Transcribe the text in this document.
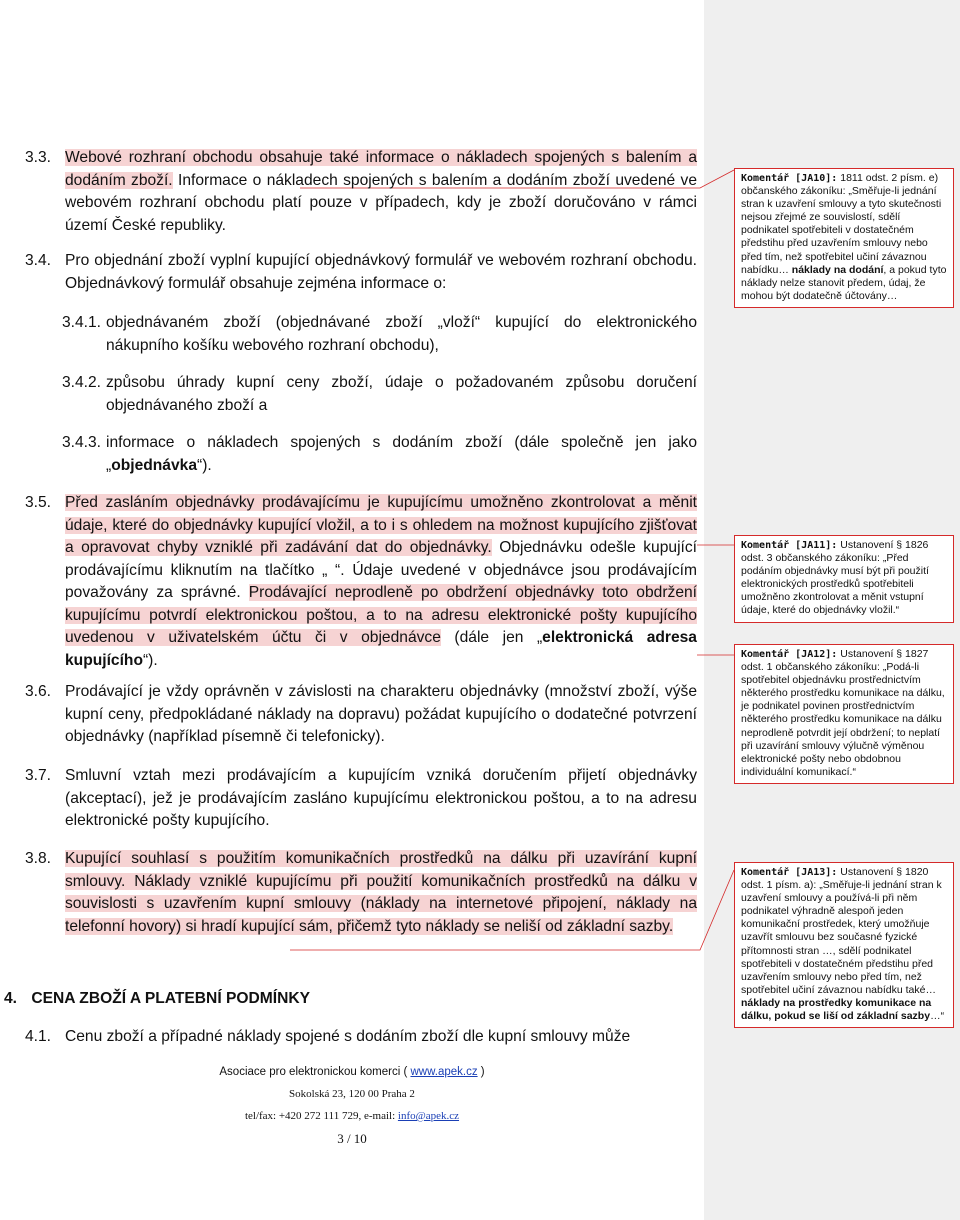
3.3. Webové rozhraní obchodu obsahuje také informace o nákladech spojených s balením a dodáním zboží. Informace o nákladech spojených s balením a dodáním zboží uvedené ve webovém rozhraní obchodu platí pouze v případech, kdy je zboží doručováno v rámci území České republiky.
3.4. Pro objednání zboží vyplní kupující objednávkový formulář ve webovém rozhraní obchodu. Objednávkový formulář obsahuje zejména informace o:
3.4.1. objednávaném zboží (objednávané zboží „vloží“ kupující do elektronického nákupního košíku webového rozhraní obchodu),
3.4.2. způsobu úhrady kupní ceny zboží, údaje o požadovaném způsobu doručení objednávaného zboží a
3.4.3. informace o nákladech spojených s dodáním zboží (dále společně jen jako „objednávka“).
3.5. Před zasláním objednávky prodávajícímu je kupujícímu umožněno zkontrolovat a měnit údaje, které do objednávky kupující vložil, a to i s ohledem na možnost kupujícího zjišťovat a opravovat chyby vzniklé při zadávání dat do objednávky. Objednávku odešle kupující prodávajícímu kliknutím na tlačítko „ “. Údaje uvedené v objednávce jsou prodávajícím považovány za správné. Prodávající neprodleně po obdržení objednávky toto obdržení kupujícímu potvrdí elektronickou poštou, a to na adresu elektronické pošty kupujícího uvedenou v uživatelském účtu či v objednávce (dále jen „elektronická adresa kupujícího“).
3.6. Prodávající je vždy oprávněn v závislosti na charakteru objednávky (množství zboží, výše kupní ceny, předpokládané náklady na dopravu) požádat kupujícího o dodatečné potvrzení objednávky (například písemně či telefonicky).
3.7. Smluvní vztah mezi prodávajícím a kupujícím vzniká doručením přijetí objednávky (akceptací), jež je prodávajícím zasláno kupujícímu elektronickou poštou, a to na adresu elektronické pošty kupujícího.
3.8. Kupující souhlasí s použitím komunikačních prostředků na dálku při uzavírání kupní smlouvy. Náklady vzniklé kupujícímu při použití komunikačních prostředků na dálku v souvislosti s uzavřením kupní smlouvy (náklady na internetové připojení, náklady na telefonní hovory) si hradí kupující sám, přičemž tyto náklady se neliší od základní sazby.
4. CENA ZBOŽÍ A PLATEBNÍ PODMÍNKY
4.1. Cenu zboží a případné náklady spojené s dodáním zboží dle kupní smlouvy může
Komentář [JA10]: 1811 odst. 2 písm. e) občanského zákoníku: „Směřuje-li jednání stran k uzavření smlouvy a tyto skutečnosti nejsou zřejmé ze souvislostí, sdělí podnikatel spotřebiteli v dostatečném předstihu před uzavřením smlouvy nebo před tím, než spotřebitel učiní závaznou nabídku… náklady na dodání, a pokud tyto náklady nelze stanovit předem, údaj, že mohou být dodatečně účtovány…
Komentář [JA11]: Ustanovení § 1826 odst. 3 občanského zákoníku: „Před podáním objednávky musí být při použití elektronických prostředků spotřebiteli umožněno zkontrolovat a měnit vstupní údaje, které do objednávky vložil.“
Komentář [JA12]: Ustanovení § 1827 odst. 1 občanského zákoníku: „Podá-li spotřebitel objednávku prostřednictvím některého prostředku komunikace na dálku, je podnikatel povinen prostřednictvím některého prostředku komunikace na dálku neprodleně potvrdit její obdržení; to neplatí při uzavírání smlouvy výlučně výměnou elektronické pošty nebo obdobnou individuální komunikací.“
Komentář [JA13]: Ustanovení § 1820 odst. 1 písm. a): „Směřuje-li jednání stran k uzavření smlouvy a používá-li při něm podnikatel výhradně alespoň jeden komunikační prostředek, který umožňuje uzavřít smlouvu bez současné fyzické přítomnosti stran …, sdělí podnikatel spotřebiteli v dostatečném předstihu před uzavřením smlouvy nebo před tím, než spotřebitel učiní závaznou nabídku také… náklady na prostředky komunikace na dálku, pokud se liší od základní sazby…“
Asociace pro elektronickou komerci ( www.apek.cz )
Sokolská 23, 120 00 Praha 2
tel/fax: +420 272 111 729, e-mail: info@apek.cz
3 / 10
